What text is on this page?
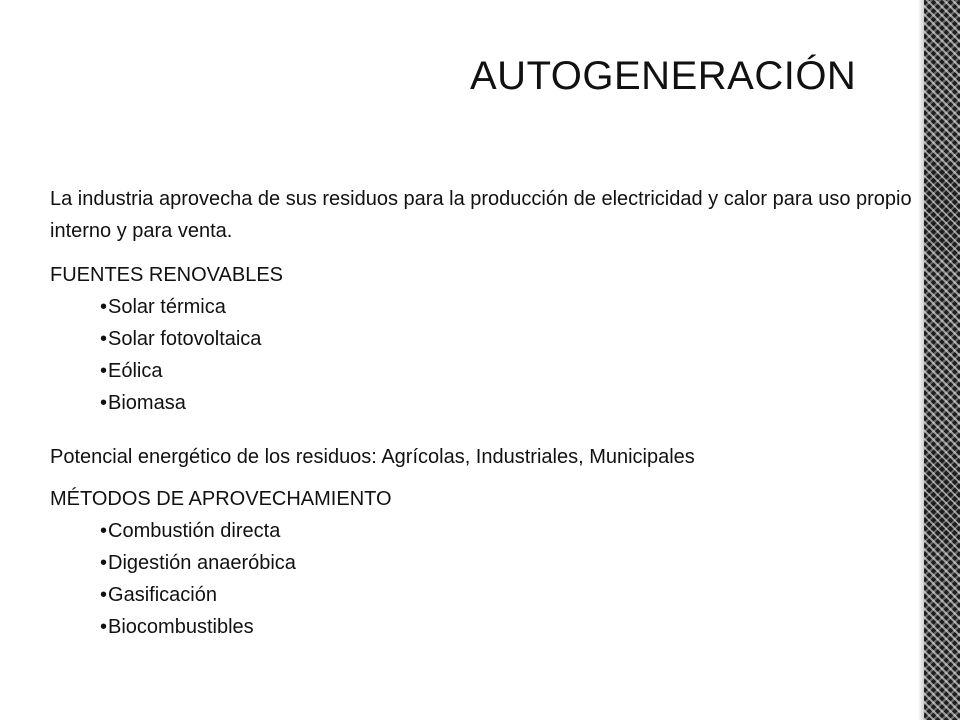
AUTOGENERACIÓN

La industria aprovecha de sus residuos para la producción de electricidad y calor para uso propio interno y para venta.

FUENTES RENOVABLES

•Solar térmica
•Solar fotovoltaica
•Eólica
•Biomasa

Potencial energético de los residuos: Agrícolas, Industriales, Municipales

MÉTODOS DE APROVECHAMIENTO

•Combustión directa
•Digestión anaeróbica
•Gasificación
•Biocombustibles
